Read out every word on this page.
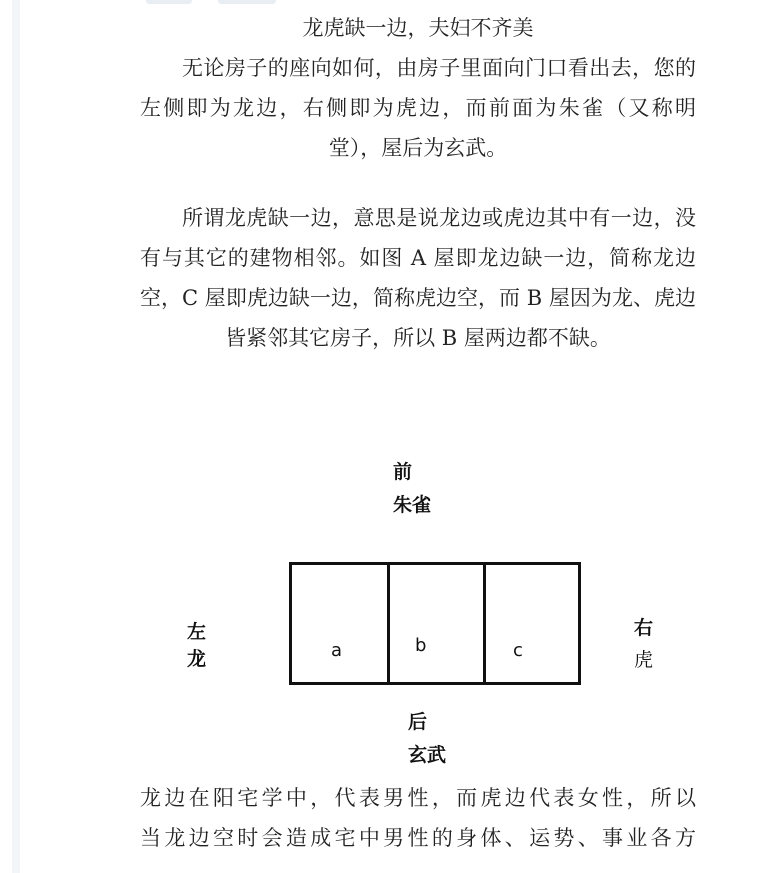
龙虎缺一边，夫妇不齐美

无论房子的座向如何，由房子里面向门口看出去，您的左侧即为龙边，右侧即为虎边，而前面为朱雀（又称明堂），屋后为玄武。

所谓龙虎缺一边，意思是说龙边或虎边其中有一边，没有与其它的建物相邻。如图 A 屋即龙边缺一边，简称龙边空，C 屋即虎边缺一边，简称虎边空，而 B 屋因为龙、虎边皆紧邻其它房子，所以 B 屋两边都不缺。

前
朱雀
左
龙
右
虎
a	b	c
后
玄武

龙边在阳宅学中，代表男性，而虎边代表女性，所以

当龙边空时会造成宅中男性的身体、运势、事业各方
